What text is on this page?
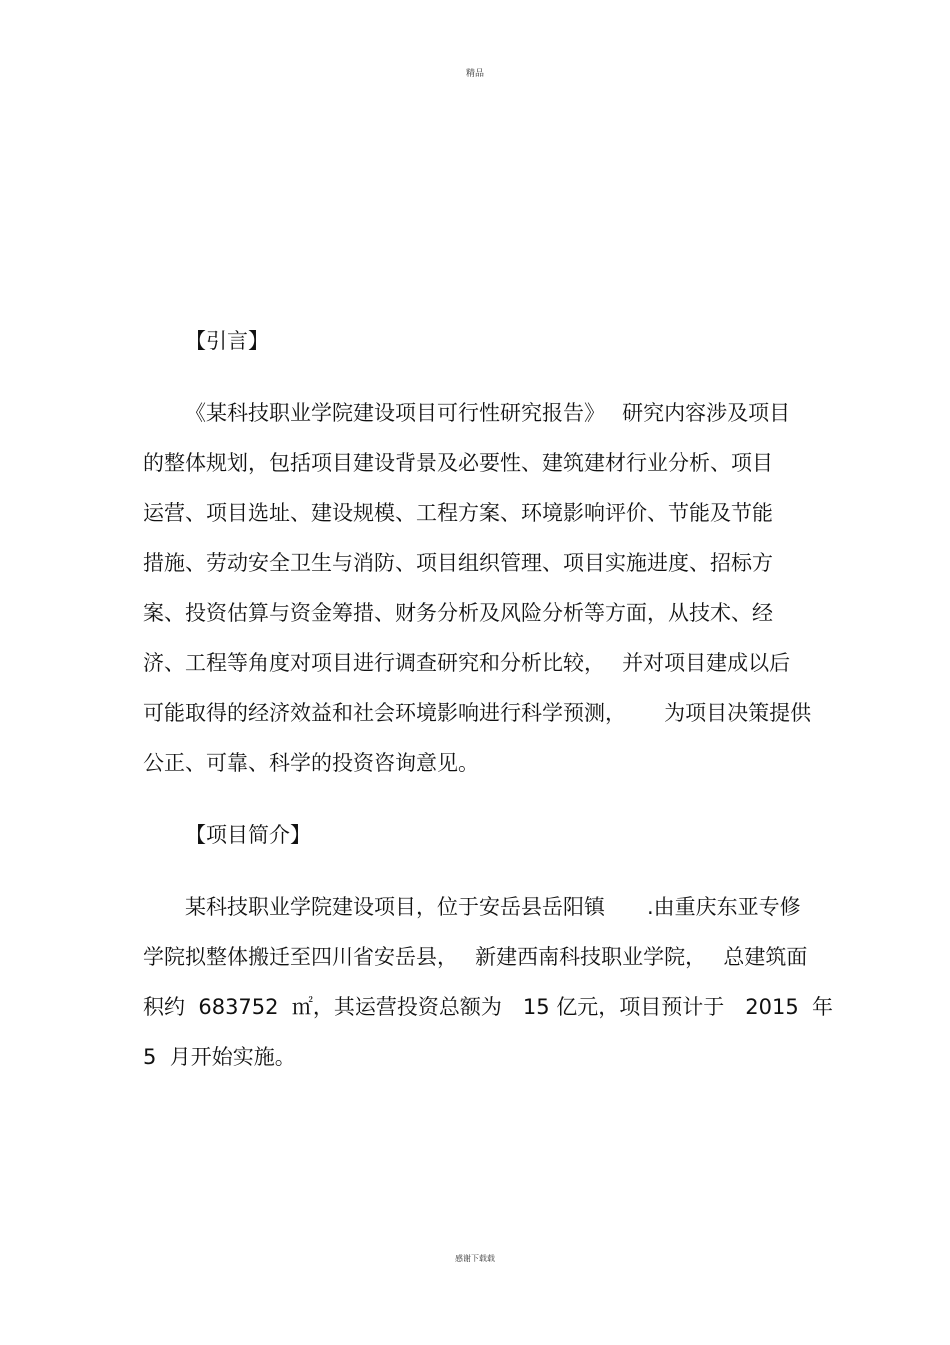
精品
【引言】
《某科技职业学院建设项目可行性研究报告》　 研究内容涉及项目
的整体规划，包括项目建设背景及必要性、建筑建材行业分析、项目
运营、项目选址、建设规模、工程方案、环境影响评价、节能及节能
措施、劳动安全卫生与消防、项目组织管理、项目实施进度、招标方
案、投资估算与资金筹措、财务分析及风险分析等方面，从技术、经
济、工程等角度对项目进行调查研究和分析比较，　 并对项目建成以后
可能取得的经济效益和社会环境影响进行科学预测，　　 为项目决策提供
公正、可靠、科学的投资咨询意见。
【项目简介】
某科技职业学院建设项目，位于安岳县岳阳镇　　.由重庆东亚专修
学院拟整体搬迁至四川省安岳县，　 新建西南科技职业学院，　 总建筑面
积约  683752  ㎡，其运营投资总额为　15 亿元，项目预计于　2015  年
5  月开始实施。
感谢下载载
